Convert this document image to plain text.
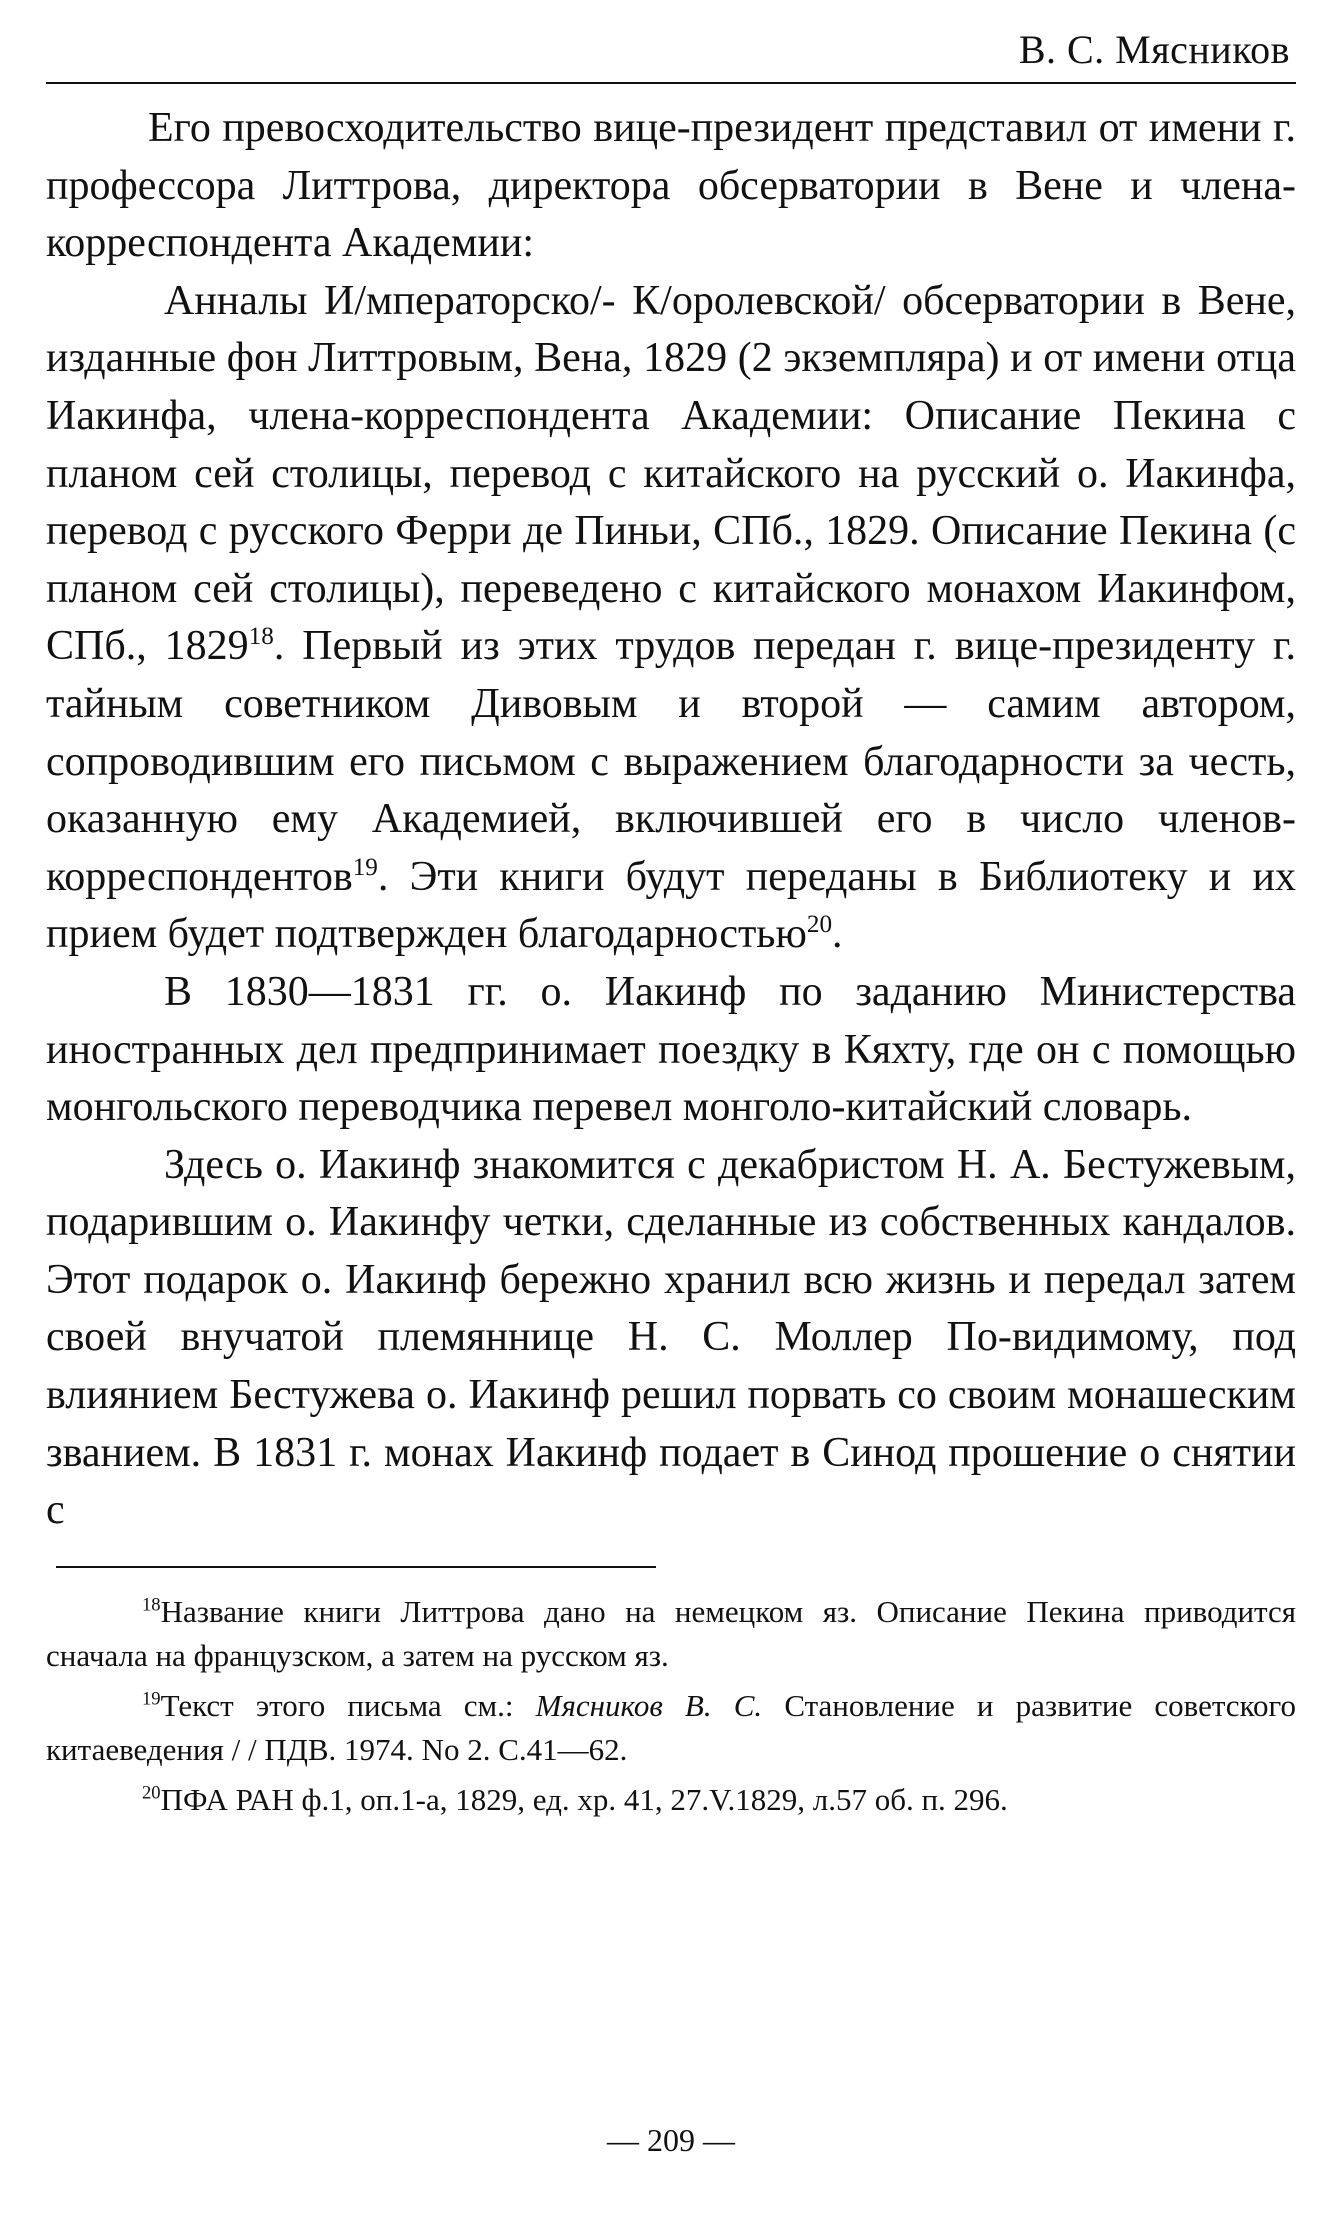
В. С. Мясников

Его превосходительство вице-президент представил от имени г. профессора Литтрова, директора обсерватории в Вене и члена-корреспондента Академии:

Анналы И/мператорско/- К/оролевской/ обсерватории в Вене, изданные фон Литтровым, Вена, 1829 (2 экземпляра) и от имени отца Иакинфа, члена-корреспондента Академии: Описание Пекина с планом сей столицы, перевод с китайского на русский о. Иакинфа, перевод с русского Ферри де Пиньи, СПб., 1829. Описание Пекина (с планом сей столицы), переведено с китайского монахом Иакинфом, СПб., 1829$^{18}$. Первый из этих трудов передан г. вице-президенту г. тайным советником Дивовым и второй — самим автором, сопроводившим его письмом с выражением благодарности за честь, оказанную ему Академией, включившей его в число членов-корреспондентов$^{19}$. Эти книги будут переданы в Библиотеку и их прием будет подтвержден благодарностью$^{20}$.

В 1830—1831 гг. о. Иакинф по заданию Министерства иностранных дел предпринимает поездку в Кяхту, где он с помощью монгольского переводчика перевел монголо-китайский словарь.

Здесь о. Иакинф знакомится с декабристом Н. А. Бестужевым, подарившим о. Иакинфу четки, сделанные из собственных кандалов. Этот подарок о. Иакинф бережно хранил всю жизнь и передал затем своей внучатой племяннице Н. С. Моллер По-видимому, под влиянием Бестужева о. Иакинф решил порвать со своим монашеским званием. В 1831 г. монах Иакинф подает в Синод прошение о снятии с

$^{18}$Название книги Литтрова дано на немецком яз. Описание Пекина приводится сначала на французском, а затем на русском яз.

$^{19}$Текст этого письма см.: Мясников В. С. Становление и развитие советского китаеведения / / ПДВ. 1974. No 2. С.41—62.

$^{20}$ПФА РАН ф.1, оп.1-а, 1829, ед. хр. 41, 27.V.1829, л.57 об. п. 296.

— 209 —
